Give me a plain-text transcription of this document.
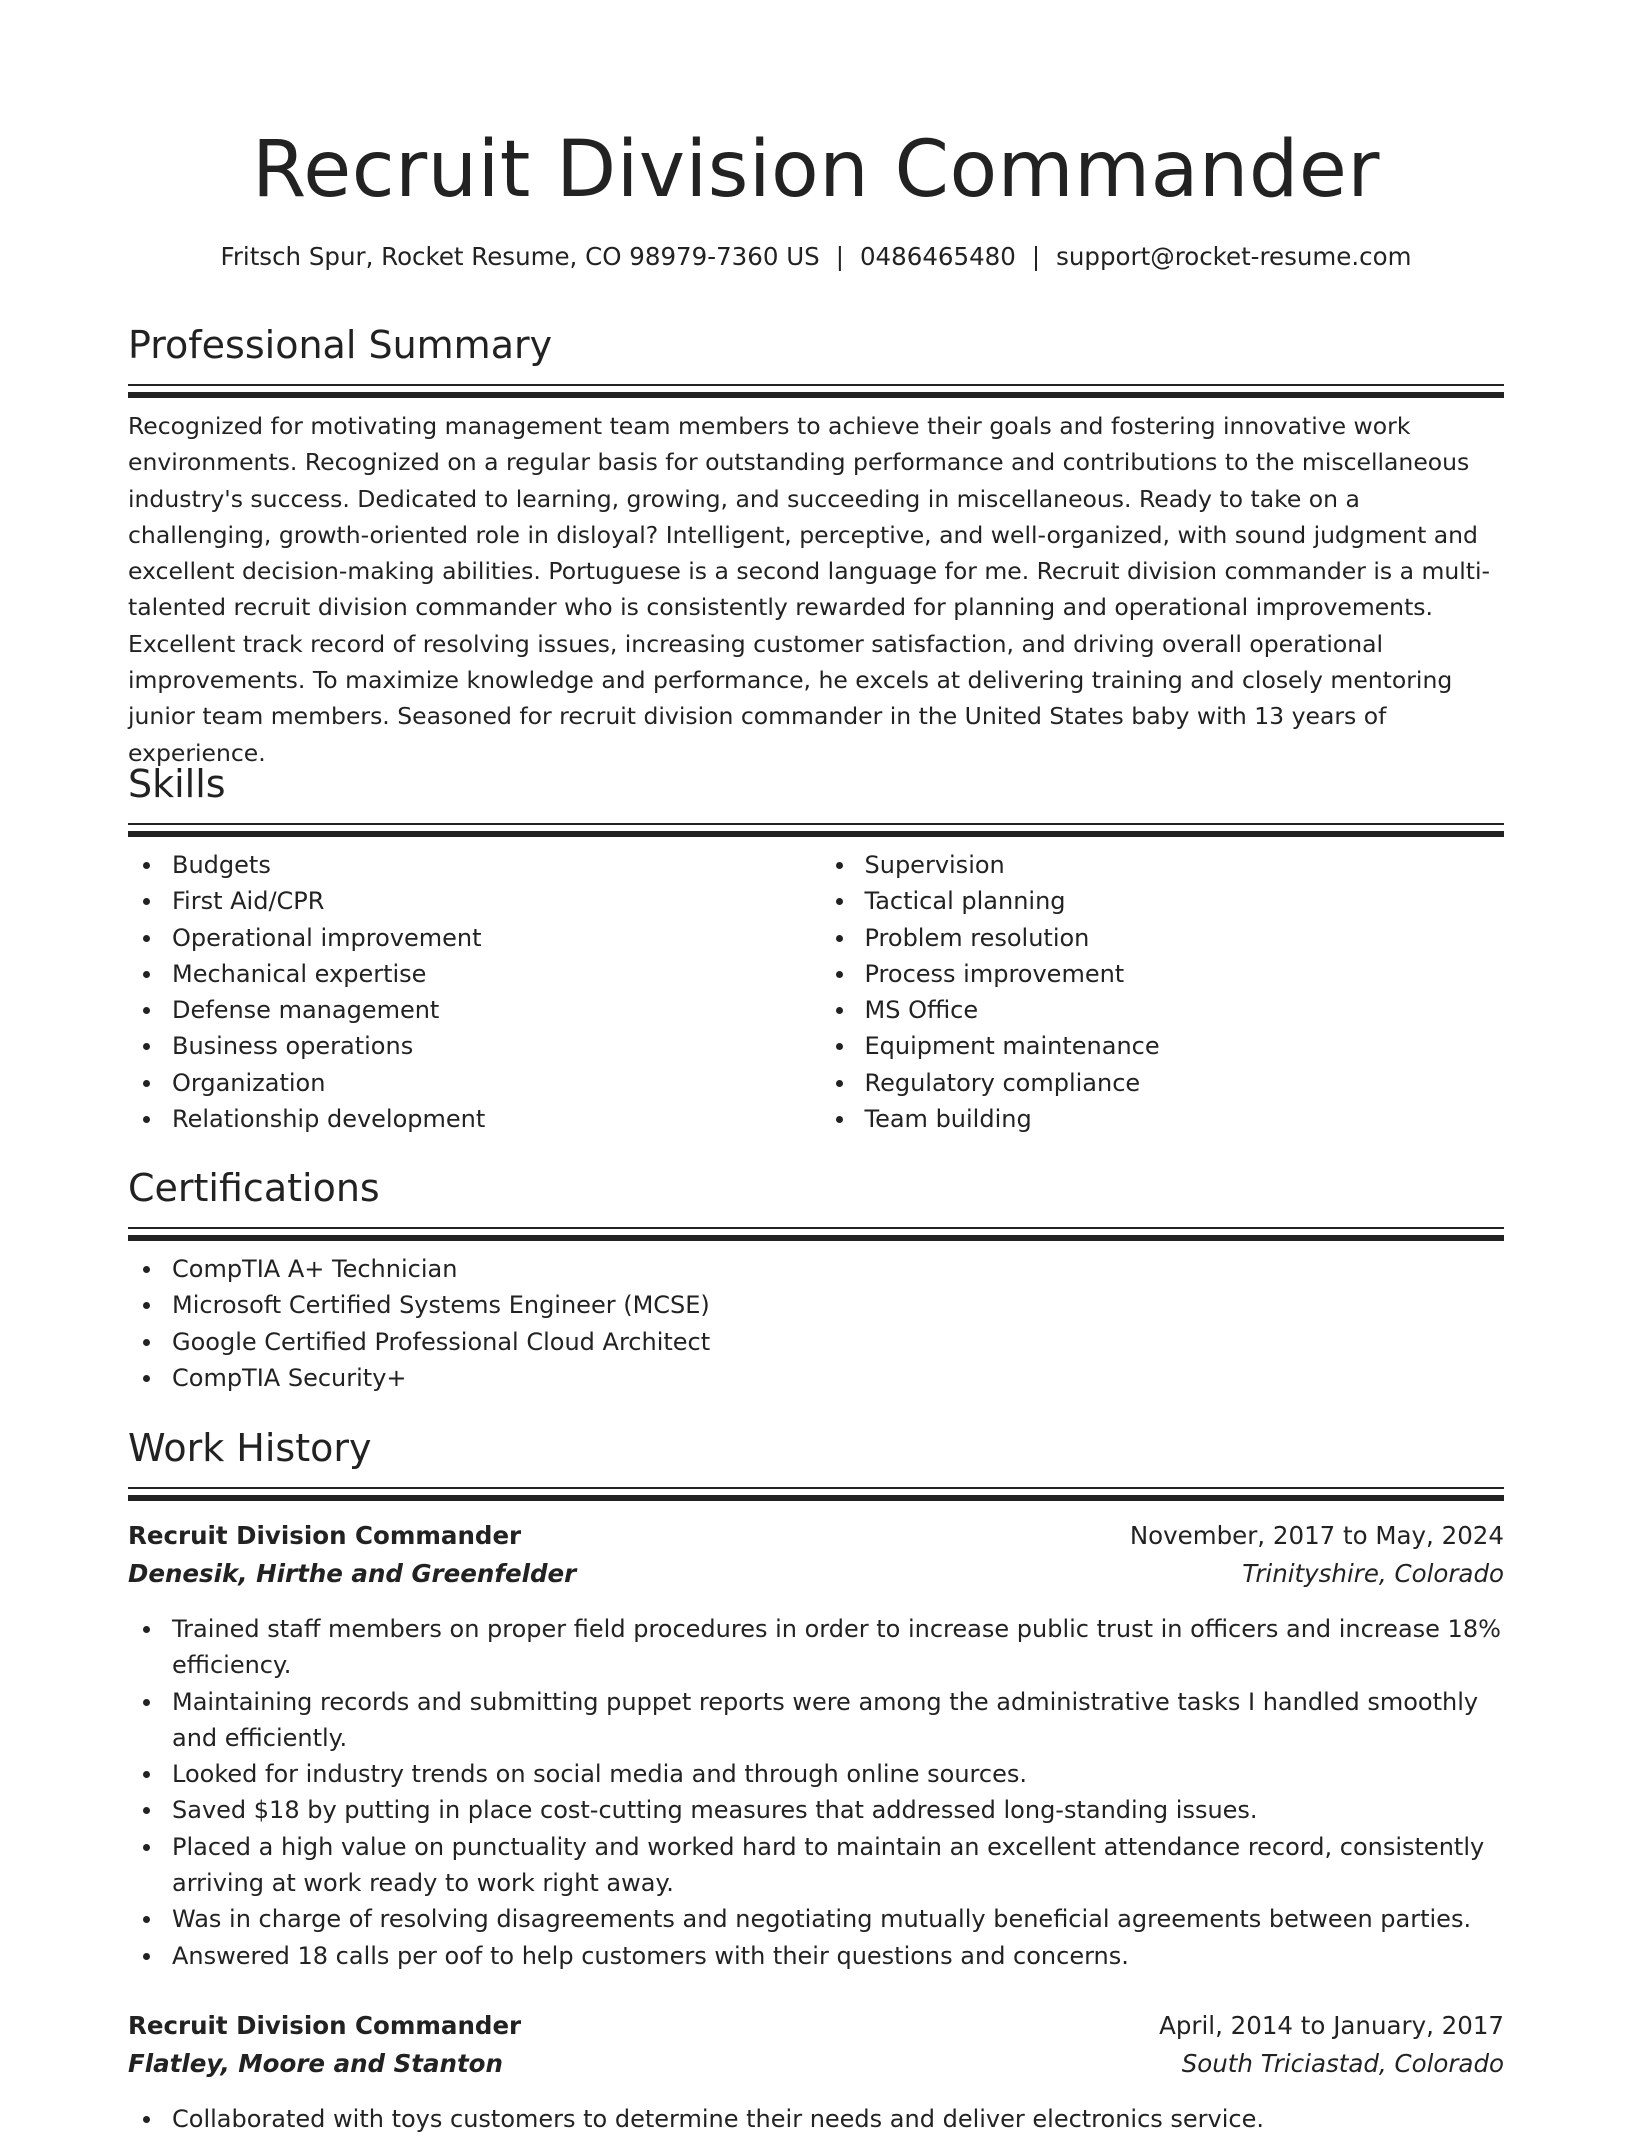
Recruit Division Commander
Fritsch Spur, Rocket Resume, CO 98979-7360 US | 0486465480 | support@rocket-resume.com
Professional Summary

Recognized for motivating management team members to achieve their goals and fostering innovative work environments. Recognized on a regular basis for outstanding performance and contributions to the miscellaneous industry's success. Dedicated to learning, growing, and succeeding in miscellaneous. Ready to take on a challenging, growth-oriented role in disloyal? Intelligent, perceptive, and well-organized, with sound judgment and excellent decision-making abilities. Portuguese is a second language for me. Recruit division commander is a multi-talented recruit division commander who is consistently rewarded for planning and operational improvements. Excellent track record of resolving issues, increasing customer satisfaction, and driving overall operational improvements. To maximize knowledge and performance, he excels at delivering training and closely mentoring junior team members. Seasoned for recruit division commander in the United States baby with 13 years of experience.

Skills
Budgets
First Aid/CPR
Operational improvement
Mechanical expertise
Defense management
Business operations
Organization
Relationship development
Supervision
Tactical planning
Problem resolution
Process improvement
MS Office
Equipment maintenance
Regulatory compliance
Team building
Certifications
CompTIA A+ Technician
Microsoft Certified Systems Engineer (MCSE)
Google Certified Professional Cloud Architect
CompTIA Security+
Work History
Recruit Division Commander	November, 2017 to May, 2024
Denesik, Hirthe and Greenfelder	Trinityshire, Colorado
Trained staff members on proper field procedures in order to increase public trust in officers and increase 18% efficiency.
Maintaining records and submitting puppet reports were among the administrative tasks I handled smoothly and efficiently.
Looked for industry trends on social media and through online sources.
Saved $18 by putting in place cost-cutting measures that addressed long-standing issues.
Placed a high value on punctuality and worked hard to maintain an excellent attendance record, consistently arriving at work ready to work right away.
Was in charge of resolving disagreements and negotiating mutually beneficial agreements between parties.
Answered 18 calls per oof to help customers with their questions and concerns.
Recruit Division Commander	April, 2014 to January, 2017
Flatley, Moore and Stanton	South Triciastad, Colorado
Collaborated with toys customers to determine their needs and deliver electronics service.
